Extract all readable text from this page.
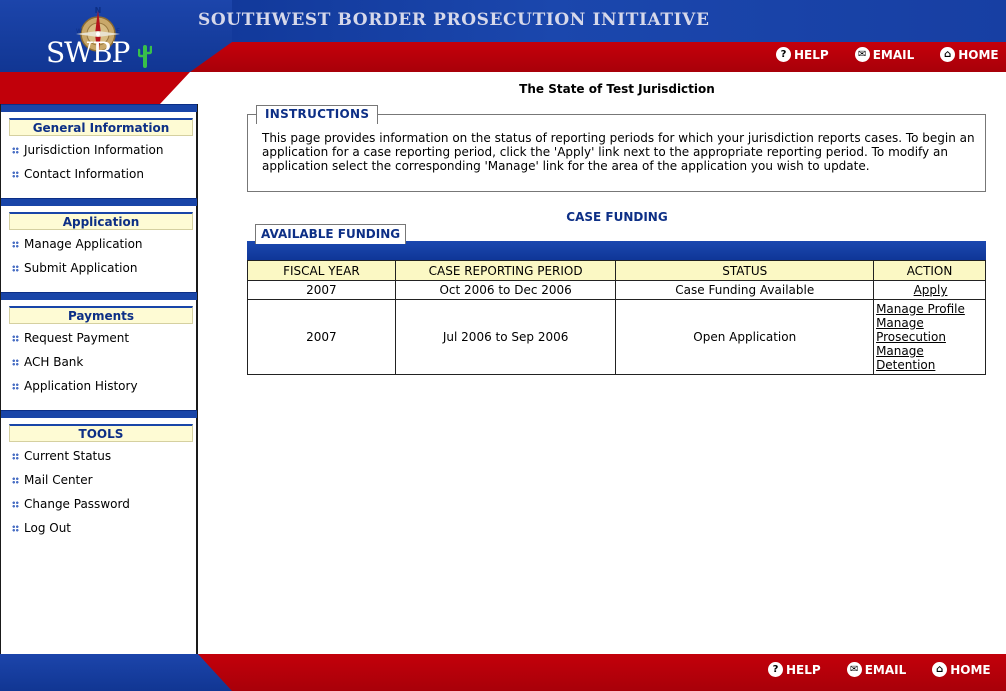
N
W	E
SWBP
SOUTHWEST BORDER PROSECUTION INITIATIVE
? HELP	✉ EMAIL	⌂ HOME
General Information
Jurisdiction Information
Contact Information
Application
Manage Application
Submit Application
Payments
Request Payment
ACH Bank
Application History
TOOLS
Current Status
Mail Center
Change Password
Log Out
The State of Test Jurisdiction
INSTRUCTIONS
This page provides information on the status of reporting periods for which your jurisdiction reports cases. To begin an application for a case reporting period, click the 'Apply' link next to the appropriate reporting period. To modify an application select the corresponding 'Manage' link for the area of the application you wish to update.
CASE FUNDING
AVAILABLE FUNDING
FISCAL YEAR	CASE REPORTING PERIOD	STATUS	ACTION
2007	Oct 2006 to Dec 2006	Case Funding Available	Apply
2007	Jul 2006 to Sep 2006	Open Application	Manage Profile
Manage Prosecution
Manage Detention
? HELP	✉ EMAIL	⌂ HOME
